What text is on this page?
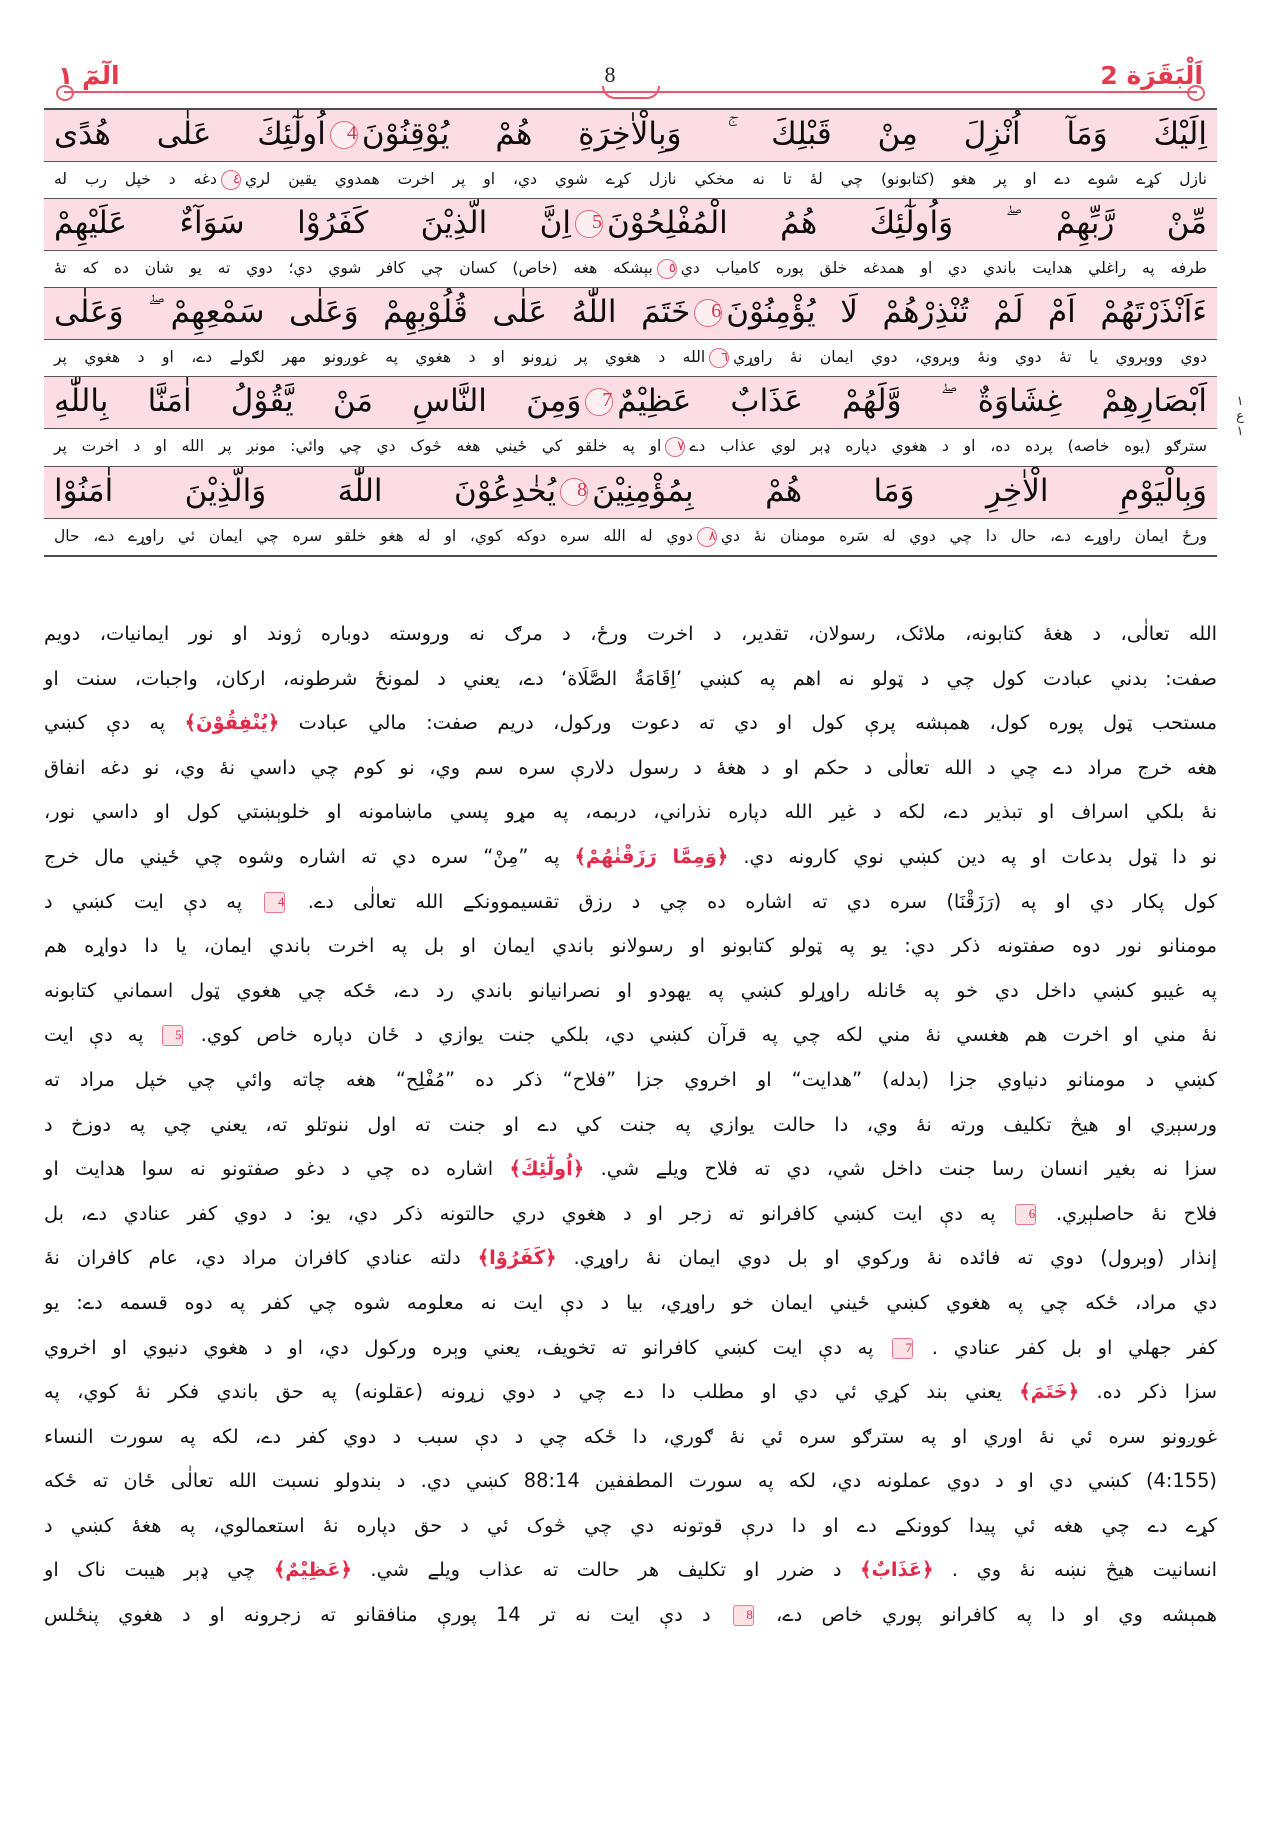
الٓمٓ ١	8	اَلْبَقَرَة 2
اِلَيْكَ وَمَآ اُنْزِلَ مِنْ قَبْلِكَ ۚ وَبِالْاٰخِرَةِ هُمْ يُوْقِنُوْنَ4اُولٰٓئِكَ عَلٰى هُدًى
نازل کړے شوے دے او پر هغو (کتابونو) چي لۀ تا نه مخکي نازل کړے شوي دي، او پر اخرت همدوي يقين لري٤دغه د خپل رب له
مِّنْ رَّبِّهِمْ ۖ وَاُولٰٓئِكَ هُمُ الْمُفْلِحُوْنَ5اِنَّ الَّذِيْنَ كَفَرُوْا سَوَآءٌ عَلَيْهِمْ
طرفه په راغلي هدايت باندي دي او همدغه خلق پوره کامياب دي٥بېشکه هغه (خاص) کسان چي کافر شوي دي؛ دوي ته يو شان ده که تۀ
ءَاَنْذَرْتَهُمْ اَمْ لَمْ تُنْذِرْهُمْ لَا يُؤْمِنُوْنَ6خَتَمَ اللّٰهُ عَلٰى قُلُوْبِهِمْ وَعَلٰى سَمْعِهِمْ ۖ وَعَلٰى
دوي ووېروي يا تۀ دوي ونۀ وېروي، دوي ايمان نۀ راوړي٦الله د هغوي پر زړونو او د هغوي په غوږونو مهر لګولے دے، او د هغوي پر
اَبْصَارِهِمْ غِشَاوَةٌ ۖ وَّلَهُمْ عَذَابٌ عَظِيْمٌ7وَمِنَ النَّاسِ مَنْ يَّقُوْلُ اٰمَنَّا بِاللّٰهِ
سترګو (يوه خاصه) پرده ده، او د هغوي دپاره ډېر لوي عذاب دے٧او په خلقو کي ځيني هغه څوک دي چي وائي: مونږ پر الله او د اخرت پر
وَبِالْيَوْمِ الْاٰخِرِ وَمَا هُمْ بِمُؤْمِنِيْنَ8يُخٰدِعُوْنَ اللّٰهَ وَالَّذِيْنَ اٰمَنُوْا
ورځ ايمان راوړے دے، حال دا چي دوي له سَره مومنان نۀ دي٨دوي له الله سره دوکه کوي، او له هغو خلقو سره چي ايمان ئي راوړے دے، حال
١
ع
١

الله تعالٰى، د هغۀ کتابونه، ملائک، رسولان، تقدير، د اخرت ورځ، د مرګ نه وروسته دوباره ژوند او نور ايمانيات، دويم

صفت: بدني عبادت کول چي د ټولو نه اهم په کښي ’اِقَامَةُ الصَّلَاة‘ دے، يعني د لمونځ شرطونه، ارکان، واجبات، سنت او

مستحب ټول پوره کول، همېشه پرې کول او دي ته دعوت ورکول، دريم صفت: مالي عبادت ﴿يُنْفِقُوْنَ﴾ په دې کښي

هغه خرج مراد دے چي د الله تعالٰى د حکم او د هغۀ د رسول دلارې سره سم وي، نو کوم چي داسي نۀ وي، نو دغه انفاق

نۀ بلکي اسراف او تبذير دے، لکه د غير الله دپاره نذراني، دربمه، په مړو پسي ماښامونه او خلوېښتي کول او داسي نور،

نو دا ټول بدعات او په دين کښي نوي کارونه دي. ﴿وَمِمَّا رَزَقْنٰهُمْ﴾ په ”مِنْ“ سره دي ته اشاره وشوه چي ځيني مال خرج

کول پکار دي او په (رَزَقْنَا) سره دي ته اشاره ده چي د رزق تقسيموونکے الله تعالٰى دے. 4 په دې ايت کښي د

مومنانو نور دوه صفتونه ذکر دي: يو په ټولو کتابونو او رسولانو باندي ايمان او بل په اخرت باندي ايمان، يا دا دواړه هم

په غيبو کښي داخل دي خو په ځانله راوړلو کښي په يهودو او نصرانيانو باندي رد دے، ځکه چي هغوي ټول اسماني کتابونه

نۀ مني او اخرت هم هغسي نۀ مني لکه چي په قرآن کښي دي، بلکي جنت يوازي د ځان دپاره خاص کوي. 5 په دې ايت

کښي د مومنانو دنياوي جزا (بدله) ”هدايت“ او اخروي جزا ”فلاح“ ذکر ده ”مُفْلِح“ هغه چاته وائي چي خپل مراد ته

ورسېږي او هيڅ تکليف ورته نۀ وي، دا حالت يوازي په جنت کي دے او جنت ته اول ننوتلو ته، يعني چي په دوزخ د

سزا نه بغير انسان رسا جنت داخل شي، دي ته فلاح ويلے شي. ﴿اُولٰٓئِكَ﴾ اشاره ده چي د دغو صفتونو نه سوا هدايت او

فلاح نۀ حاصلېږي. 6 په دې ايت کښي کافرانو ته زجر او د هغوي دري حالتونه ذکر دي، يو: د دوي کفر عنادي دے، بل

إنذار (وېرول) دوي ته فائده نۀ ورکوي او بل دوي ايمان نۀ راوړي. ﴿كَفَرُوْا﴾ دلته عنادي کافران مراد دي، عام کافران نۀ

دي مراد، ځکه چي په هغوي کښي ځيني ايمان خو راوړي، بيا د دې ايت نه معلومه شوه چي کفر په دوه قسمه دے: يو

کفر جهلي او بل کفر عنادي . 7 په دې ايت کښي کافرانو ته تخويف، يعني وېره ورکول دي، او د هغوي دنيوي او اخروي

سزا ذکر ده. ﴿خَتَمَ﴾ يعني بند کړي ئي دي او مطلب دا دے چي د دوي زړونه (عقلونه) په حق باندي فکر نۀ کوي، په

غوږونو سره ئي نۀ اوري او په سترګو سره ئي نۀ ګوري، دا ځکه چي د دې سبب د دوي کفر دے، لکه په سورت النساء

(4:155) کښي دي او د دوي عملونه دي، لکه په سورت المطففين 88:14 کښي دي. د بندولو نسبت الله تعالٰى ځان ته ځکه

کړے دے چي هغه ئي پيدا کوونکے دے او دا درې قوتونه دي چي څوک ئي د حق دپاره نۀ استعمالوي، په هغۀ کښي د

انسانيت هيڅ نښه نۀ وي . ﴿عَذَابٌ﴾ د ضرر او تکليف هر حالت ته عذاب ويلے شي. ﴿عَظِيْمٌ﴾ چي ډېر هيبت ناک او

همېشه وي او دا په کافرانو پوري خاص دے، 8 د دې ايت نه تر 14 پورې منافقانو ته زجرونه او د هغوي پنځلس
